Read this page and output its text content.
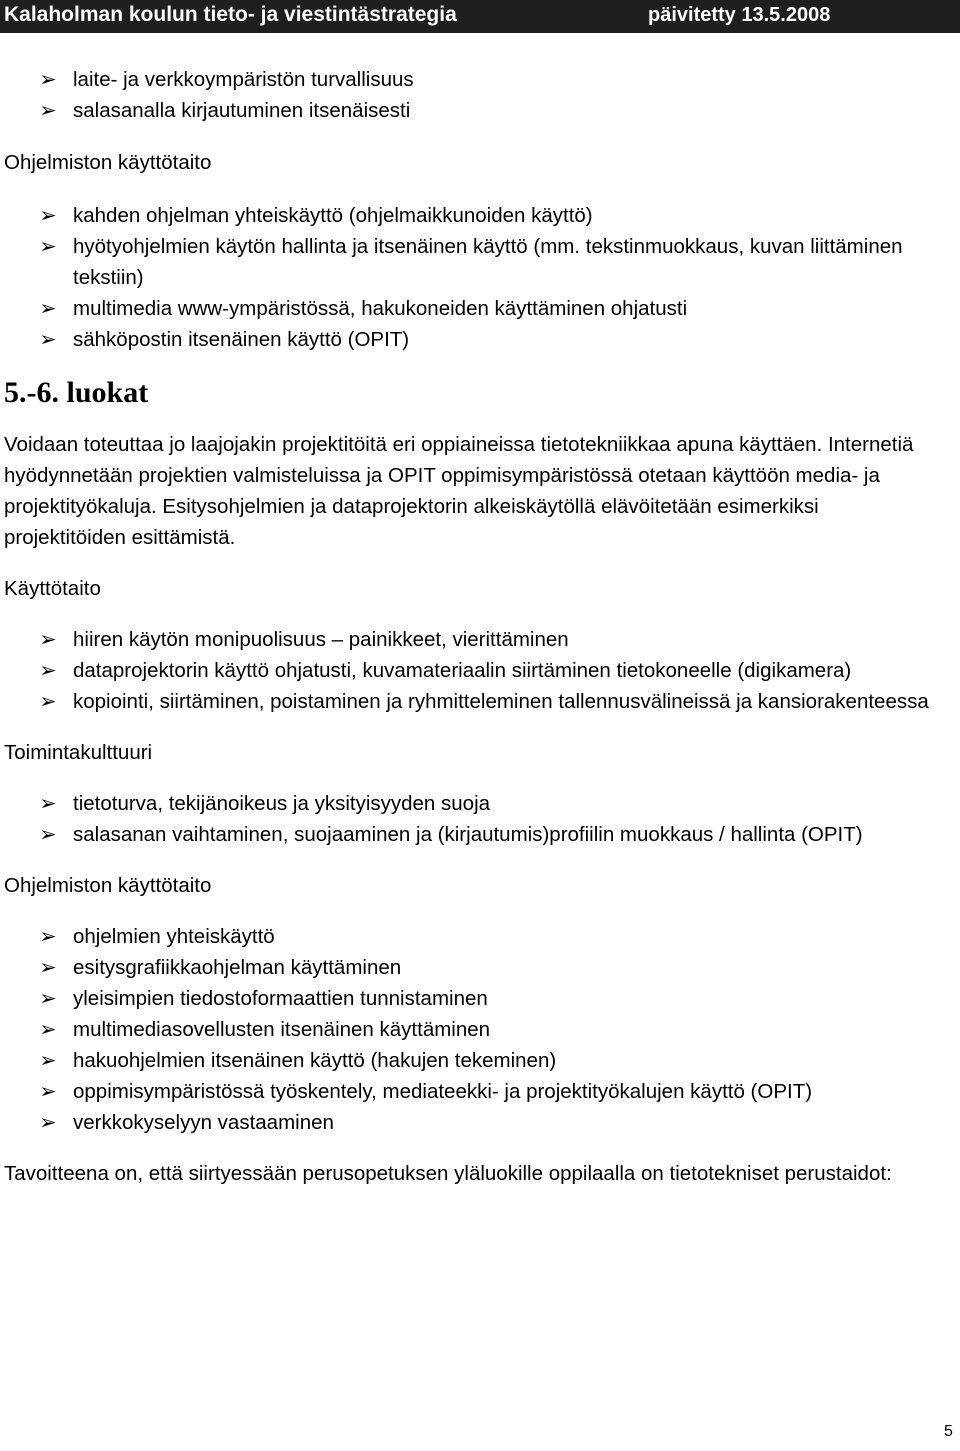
Kalaholman koulun tieto- ja viestintästrategia	päivitetty 13.5.2008
➢ laite- ja verkkoympäristön turvallisuus
➢ salasanalla kirjautuminen itsenäisesti

Ohjelmiston käyttötaito

➢ kahden ohjelman yhteiskäyttö (ohjelmaikkunoiden käyttö)
➢ hyötyohjelmien käytön hallinta ja itsenäinen käyttö (mm. tekstinmuokkaus, kuvan liittäminen tekstiin)
➢ multimedia www-ympäristössä, hakukoneiden käyttäminen ohjatusti
➢ sähköpostin itsenäinen käyttö (OPIT)

5.-6. luokat

Voidaan toteuttaa jo laajojakin projektitöitä eri oppiaineissa tietotekniikkaa apuna käyttäen. Internetiä hyödynnetään projektien valmisteluissa ja OPIT oppimisympäristössä otetaan käyttöön media- ja projektityökaluja. Esitysohjelmien ja dataprojektorin alkeiskäytöllä elävöitetään esimerkiksi projektitöiden esittämistä.

Käyttötaito

➢ hiiren käytön monipuolisuus – painikkeet, vierittäminen
➢ dataprojektorin käyttö ohjatusti, kuvamateriaalin siirtäminen tietokoneelle (digikamera)
➢ kopiointi, siirtäminen, poistaminen ja ryhmitteleminen tallennusvälineissä ja kansiorakenteessa

Toimintakulttuuri

➢ tietoturva, tekijänoikeus ja yksityisyyden suoja
➢ salasanan vaihtaminen, suojaaminen ja (kirjautumis)profiilin muokkaus / hallinta (OPIT)

Ohjelmiston käyttötaito

➢ ohjelmien yhteiskäyttö
➢ esitysgrafiikkaohjelman käyttäminen
➢ yleisimpien tiedostoformaattien tunnistaminen
➢ multimediasovellusten itsenäinen käyttäminen
➢ hakuohjelmien itsenäinen käyttö (hakujen tekeminen)
➢ oppimisympäristössä työskentely, mediateekki- ja projektityökalujen käyttö (OPIT)
➢ verkkokyselyyn vastaaminen

Tavoitteena on, että siirtyessään perusopetuksen yläluokille oppilaalla on tietotekniset perustaidot:

5
